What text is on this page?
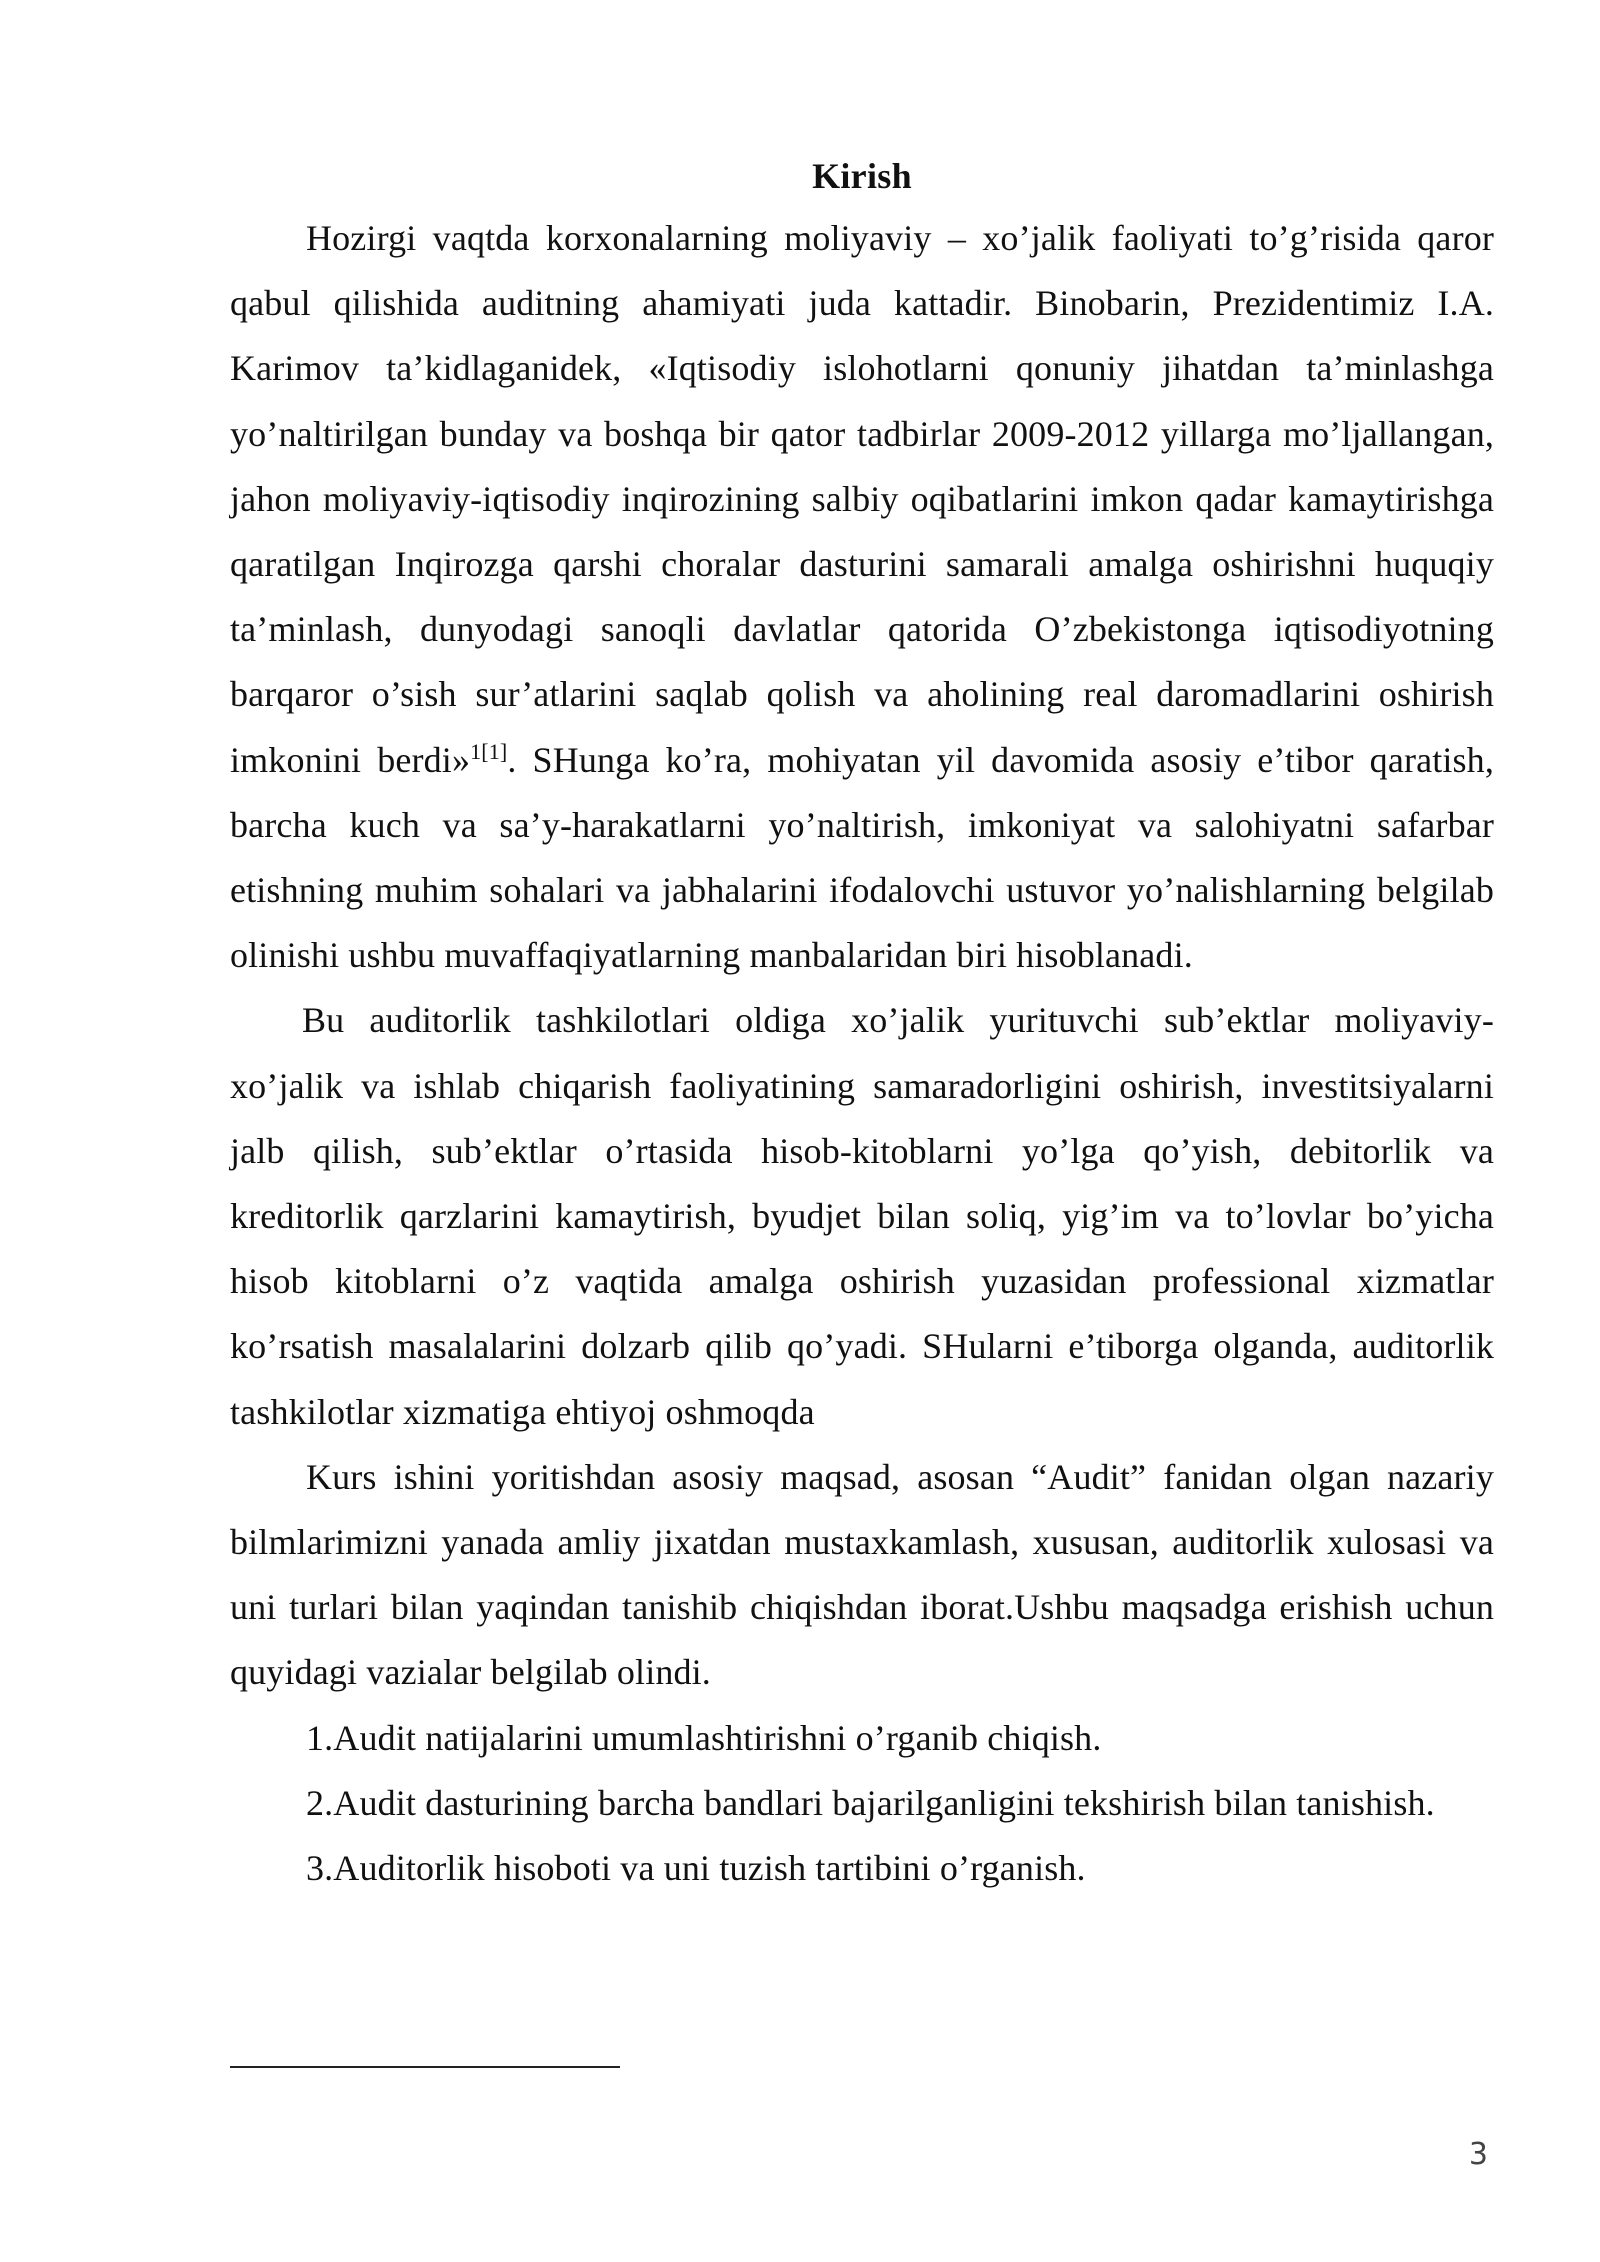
Kirish

Hozirgi vaqtda korxonalarning moliyaviy – xo’jalik faoliyati to’g’risida qaror qabul qilishida auditning ahamiyati juda kattadir. Binobarin, Prezidentimiz I.A. Karimov ta’kidlaganidek, «Iqtisodiy islohotlarni qonuniy jihatdan ta’minlashga yo’naltirilgan bunday va boshqa bir qator tadbirlar 2009-2012 yillarga mo’ljallangan, jahon moliyaviy-iqtisodiy inqirozining salbiy oqibatlarini imkon qadar kamaytirishga qaratilgan Inqirozga qarshi choralar dasturini samarali amalga oshirishni huquqiy ta’minlash, dunyodagi sanoqli davlatlar qatorida O’zbekistonga iqtisodiyotning barqaror o’sish sur’atlarini saqlab qolish va aholining real daromadlarini oshirish imkonini berdi»$^{1[1]}$. SHunga ko’ra, mohiyatan yil davomida asosiy e’tibor qaratish, barcha kuch va sa’y-harakatlarni yo’naltirish, imkoniyat va salohiyatni safarbar etishning muhim sohalari va jabhalarini ifodalovchi ustuvor yo’nalishlarning belgilab olinishi ushbu muvaffaqiyatlarning manbalaridan biri hisoblanadi.

Bu auditorlik tashkilotlari oldiga xo’jalik yurituvchi sub’ektlar moliyaviy-xo’jalik va ishlab chiqarish faoliyatining samaradorligini oshirish, investitsiyalarni jalb qilish, sub’ektlar o’rtasida hisob-kitoblarni yo’lga qo’yish, debitorlik va kreditorlik qarzlarini kamaytirish, byudjet bilan soliq, yig’im va to’lovlar bo’yicha hisob kitoblarni o’z vaqtida amalga oshirish yuzasidan professional xizmatlar ko’rsatish masalalarini dolzarb qilib qo’yadi. SHularni e’tiborga olganda, auditorlik tashkilotlar xizmatiga ehtiyoj oshmoqda

Kurs ishini yoritishdan asosiy maqsad, asosan “Audit” fanidan olgan nazariy bilmlarimizni yanada amliy jixatdan mustaxkamlash, xususan, auditorlik xulosasi va uni turlari bilan yaqindan tanishib chiqishdan iborat.Ushbu maqsadga erishish uchun quyidagi vazialar belgilab olindi.

1.Audit natijalarini umumlashtirishni o’rganib chiqish.

2.Audit dasturining barcha bandlari bajarilganligini tekshirish bilan tanishish.

3.Auditorlik hisoboti va uni tuzish tartibini o’rganish.

3
